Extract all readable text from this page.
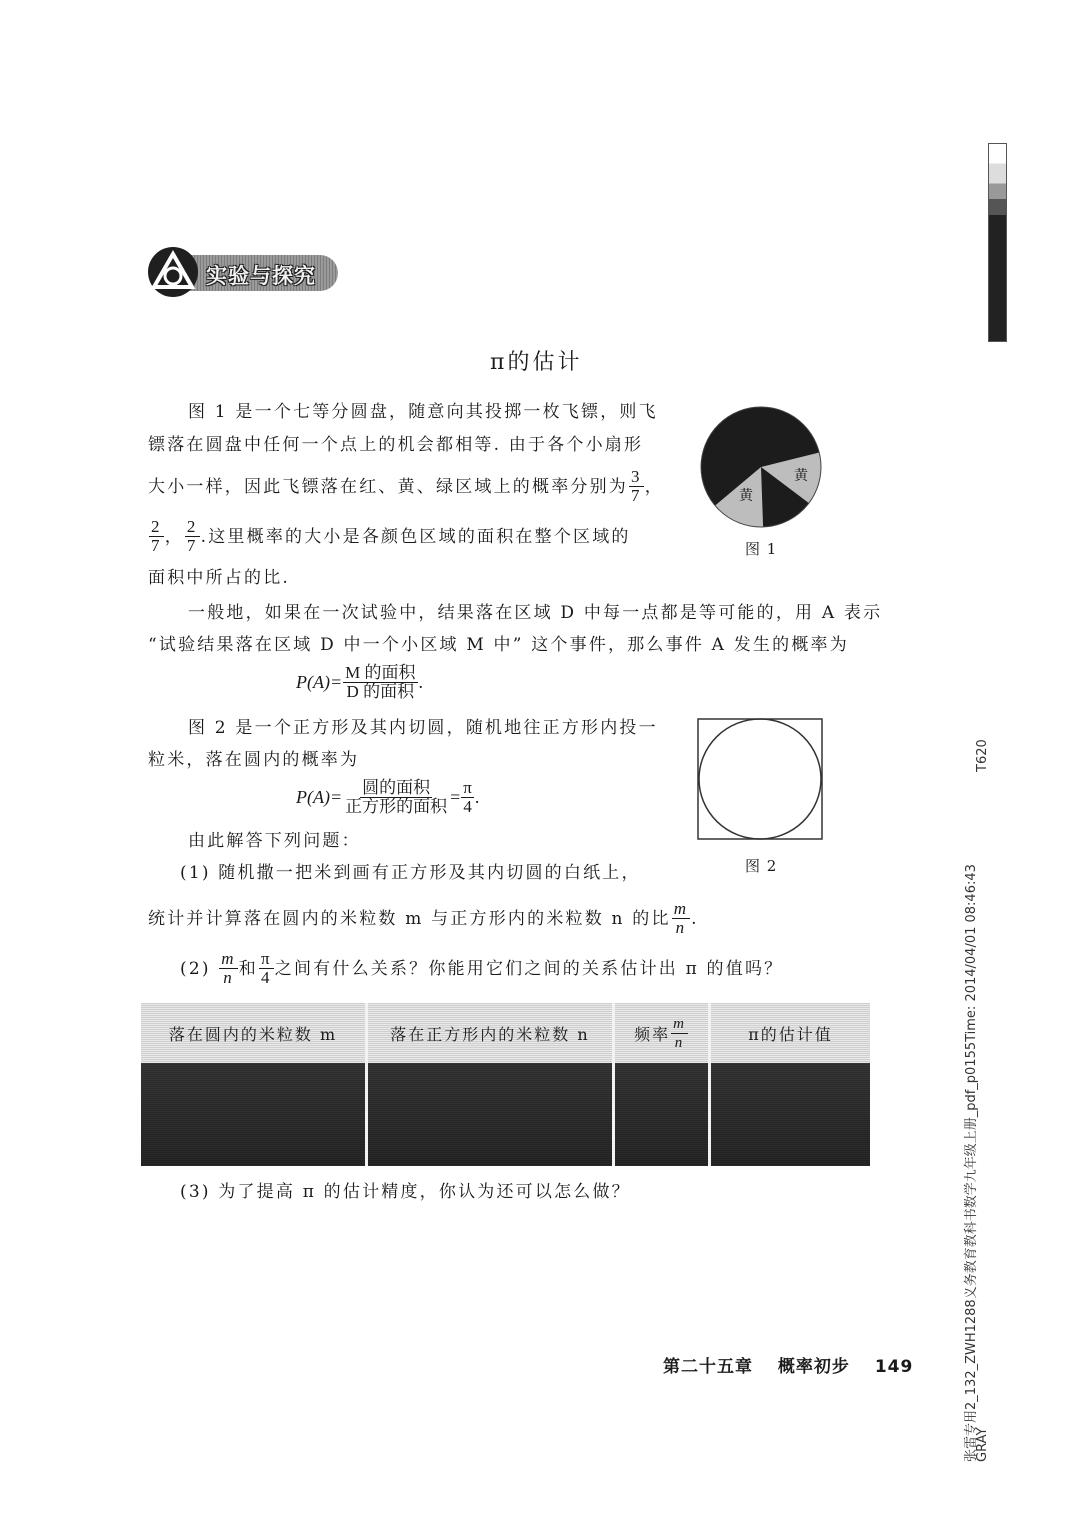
实验与探究
π的估计
图 1 是一个七等分圆盘，随意向其投掷一枚飞镖，则飞
镖落在圆盘中任何一个点上的机会都相等. 由于各个小扇形
大小一样，因此飞镖落在红、黄、绿区域上的概率分别为 $\frac{3}{7}$ ，
$\frac{2}{7}$ ， $\frac{2}{7}$ . 这里概率的大小是各颜色区域的面积在整个区域的
面积中所占的比.
黄
黄
图 1
一般地，如果在一次试验中，结果落在区域 D 中每一点都是等可能的，用 A 表示
“试验结果落在区域 D 中一个小区域 M 中” 这个事件，那么事件 A 发生的概率为
$P(A)= \frac{\text{M 的面积}}{\text{D 的面积}}$ .
图 2 是一个正方形及其内切圆，随机地往正方形内投一
粒米，落在圆内的概率为
$P(A)= \frac{\text{圆的面积}}{\text{正方形的面积}} = \frac{\pi}{4}$ .
图 2
由此解答下列问题：
(1) 随机撒一把米到画有正方形及其内切圆的白纸上，
统计并计算落在圆内的米粒数 m 与正方形内的米粒数 n 的比 $\frac{m}{n}$ .
(2)
$\frac{m}{n}$ 和 $\frac{\pi}{4}$ 之间有什么关系？你能用它们之间的关系估计出 π 的值吗？
落在圆内的米粒数 m	落在正方形内的米粒数 n	频率 $\frac{m}{n}$	π的估计值

(3) 为了提高 π 的估计精度，你认为还可以怎么做？
第二十五章 概率初步 149
T620
张雷专用2_132_ZWH1288义务教育教科书数学九年级上册_pdf_p0155Time: 2014/04/01 08:46:43
GRAY
